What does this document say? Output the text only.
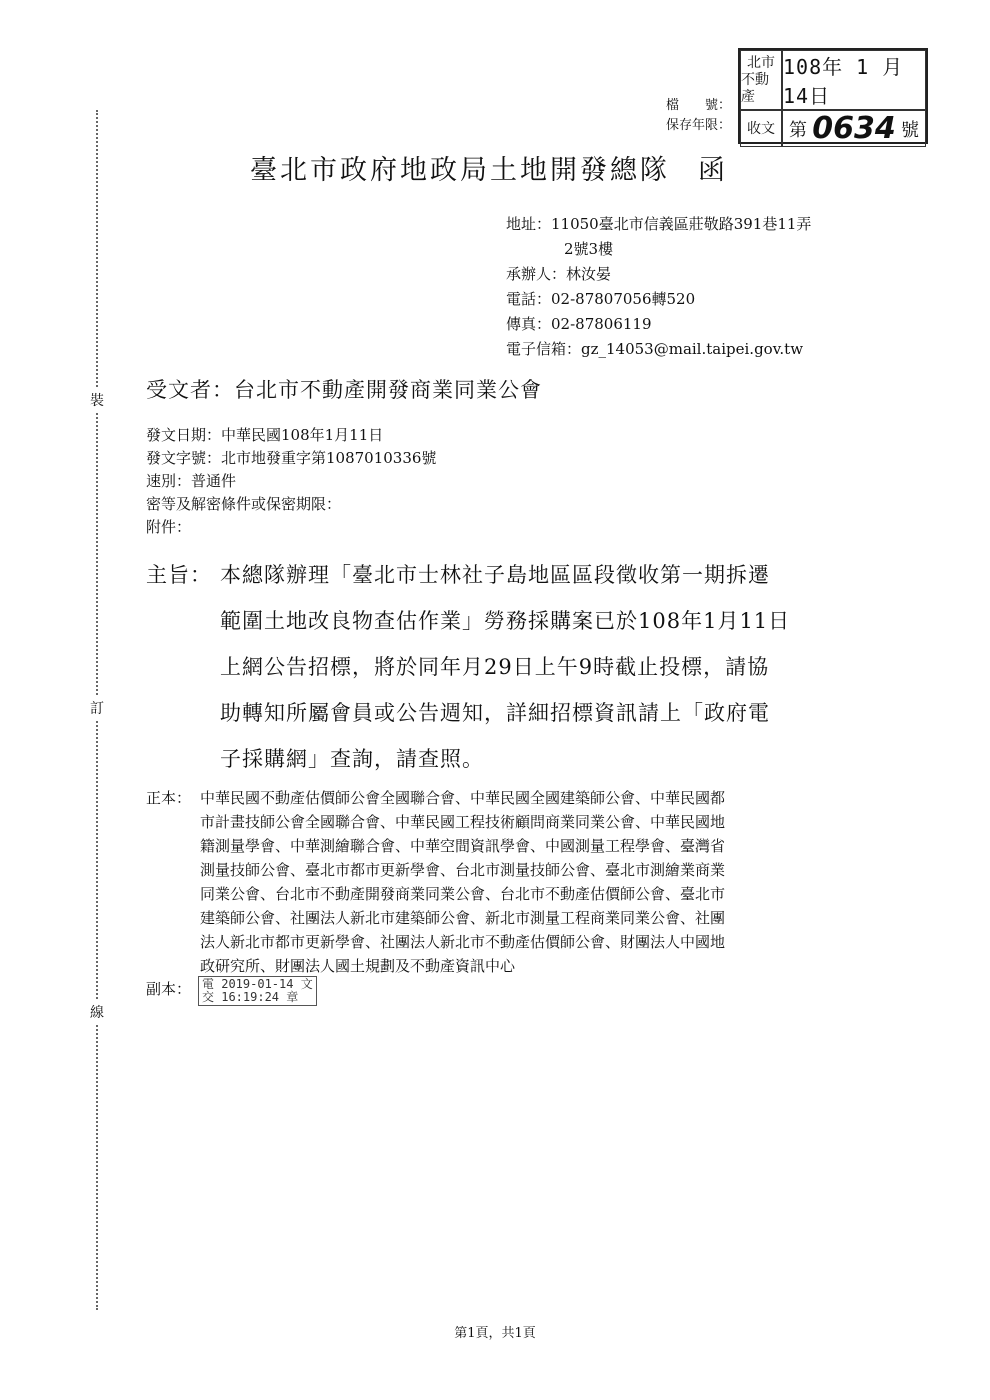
裝
訂
線
檔　　號：
保存年限：
北市
不動產
108年 1 月 14日
收文 第 0634 號
臺北市政府地政局土地開發總隊 函
地址：11050臺北市信義區莊敬路391巷11弄
2號3樓
承辦人：林汝晏
電話：02-87807056轉520
傳真：02-87806119
電子信箱：gz_14053@mail.taipei.gov.tw
受文者：台北市不動產開發商業同業公會
發文日期：中華民國108年1月11日
發文字號：北市地發重字第1087010336號
速別：普通件
密等及解密條件或保密期限：
附件：
主旨： 本總隊辦理「臺北市士林社子島地區區段徵收第一期拆遷
範圍土地改良物查估作業」勞務採購案已於108年1月11日
上網公告招標，將於同年月29日上午9時截止投標，請協
助轉知所屬會員或公告週知，詳細招標資訊請上「政府電
子採購網」查詢，請查照。
正本： 中華民國不動產估價師公會全國聯合會、中華民國全國建築師公會、中華民國都
市計畫技師公會全國聯合會、中華民國工程技術顧問商業同業公會、中華民國地
籍測量學會、中華測繪聯合會、中華空間資訊學會、中國測量工程學會、臺灣省
測量技師公會、臺北市都市更新學會、台北市測量技師公會、臺北市測繪業商業
同業公會、台北市不動產開發商業同業公會、台北市不動產估價師公會、臺北市
建築師公會、社團法人新北市建築師公會、新北市測量工程商業同業公會、社團
法人新北市都市更新學會、社團法人新北市不動產估價師公會、財團法人中國地
政研究所、財團法人國土規劃及不動產資訊中心
副本： 電 2019-01-14 文
交 16:19:24 章
第1頁，共1頁
